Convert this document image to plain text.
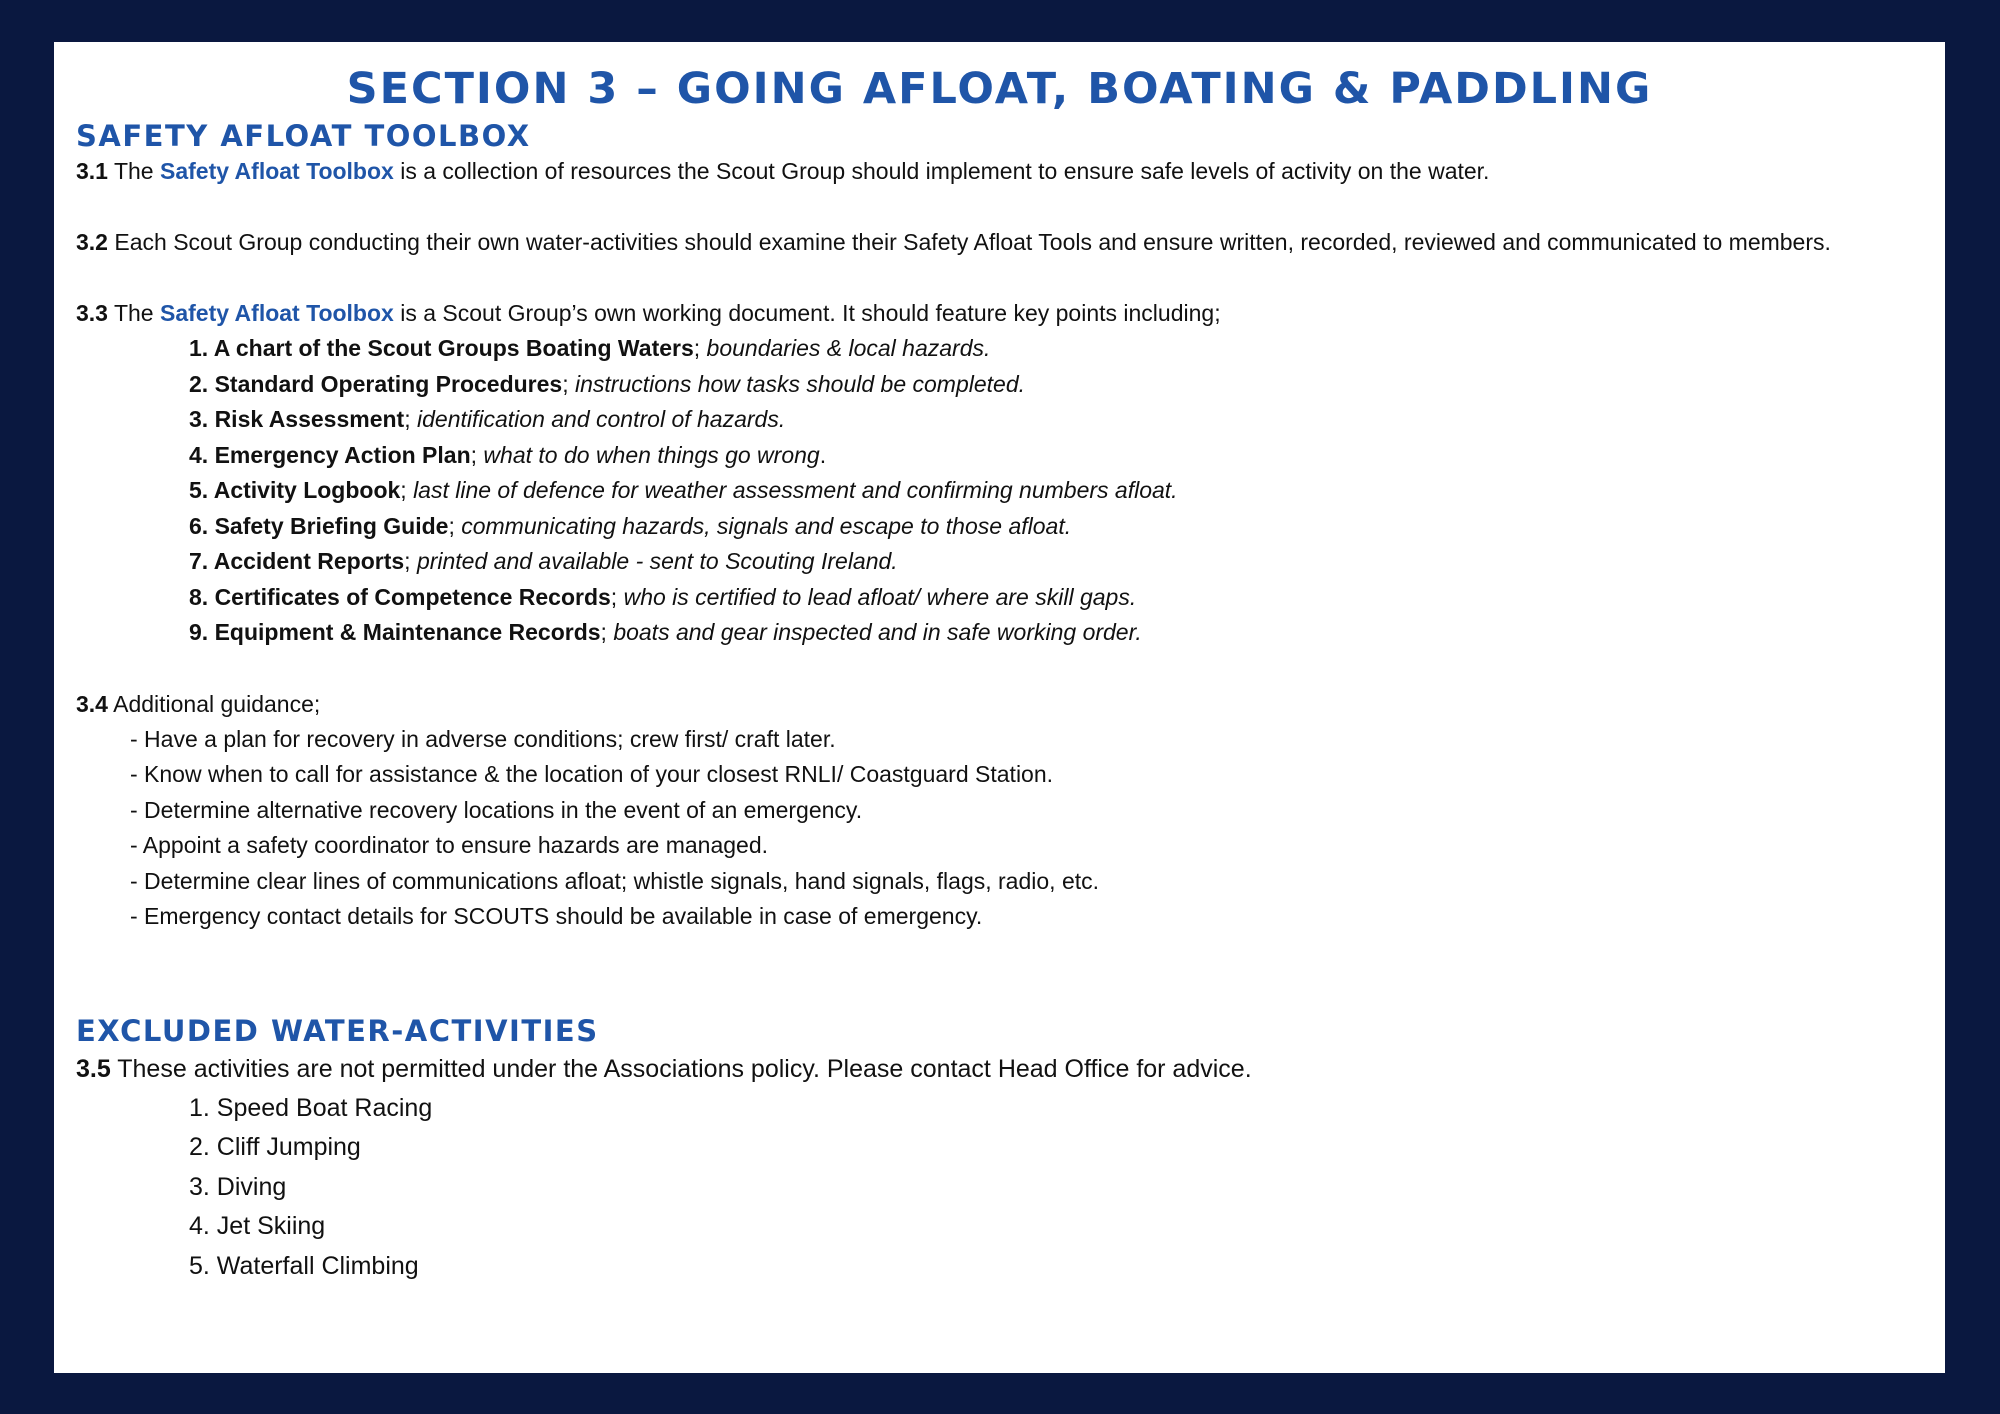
SECTION 3 – GOING AFLOAT, BOATING & PADDLING
SAFETY AFLOAT TOOLBOX

3.1 The Safety Afloat Toolbox is a collection of resources the Scout Group should implement to ensure safe levels of activity on the water.

3.2 Each Scout Group conducting their own water-activities should examine their Safety Afloat Tools and ensure written, recorded, reviewed and communicated to members.

3.3 The Safety Afloat Toolbox is a Scout Group’s own working document. It should feature key points including;

1. A chart of the Scout Groups Boating Waters; boundaries & local hazards.
2. Standard Operating Procedures; instructions how tasks should be completed.
3. Risk Assessment; identification and control of hazards.
4. Emergency Action Plan; what to do when things go wrong.
5. Activity Logbook; last line of defence for weather assessment and confirming numbers afloat.
6. Safety Briefing Guide; communicating hazards, signals and escape to those afloat.
7. Accident Reports; printed and available - sent to Scouting Ireland.
8. Certificates of Competence Records; who is certified to lead afloat/ where are skill gaps.
9. Equipment & Maintenance Records; boats and gear inspected and in safe working order.

3.4 Additional guidance;

- Have a plan for recovery in adverse conditions; crew first/ craft later.
- Know when to call for assistance & the location of your closest RNLI/ Coastguard Station.
- Determine alternative recovery locations in the event of an emergency.
- Appoint a safety coordinator to ensure hazards are managed.
- Determine clear lines of communications afloat; whistle signals, hand signals, flags, radio, etc.
- Emergency contact details for SCOUTS should be available in case of emergency.
EXCLUDED WATER-ACTIVITIES

3.5 These activities are not permitted under the Associations policy. Please contact Head Office for advice.

1. Speed Boat Racing
2. Cliff Jumping
3. Diving
4. Jet Skiing
5. Waterfall Climbing
